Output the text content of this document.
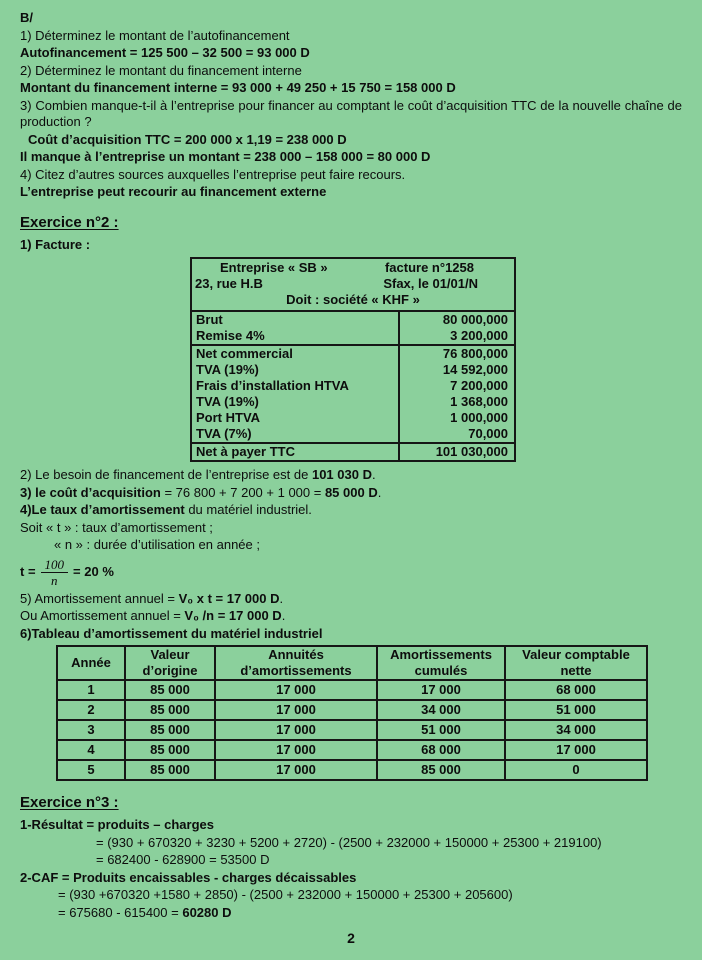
B/
1) Déterminez le montant de l’autofinancement
Autofinancement = 125 500 – 32 500 = 93 000 D
2) Déterminez le montant du financement interne
Montant du financement interne = 93 000 + 49 250 + 15 750 = 158 000 D
3) Combien manque-t-il à l’entreprise pour financer au comptant le coût d’acquisition TTC de la nouvelle chaîne de production ?
Coût d’acquisition TTC = 200 000 x 1,19 = 238 000 D
Il manque à l’entreprise un montant = 238 000 – 158 000 = 80 000 D
4) Citez d’autres sources auxquelles l’entreprise peut faire recours.
L’entreprise peut recourir au financement externe
Exercice n°2 :
1) Facture :
Entreprise « SB »	facture n°1258
23, rue H.B	Sfax, le 01/01/N
Doit : société « KHF »
Brut	80 000,000
Remise 4%	3 200,000
Net commercial	76 800,000
TVA (19%)	14 592,000
Frais d’installation HTVA	7 200,000
TVA (19%)	1 368,000
Port HTVA	1 000,000
TVA (7%)	70,000
Net à payer TTC	101 030,000
2) Le besoin de financement de l’entreprise est de 101 030 D.
3) le coût d’acquisition = 76 800 + 7 200 + 1 000 = 85 000 D.
4)Le taux d’amortissement du matériel industriel.
Soit « t » : taux d’amortissement ;
« n » : durée d’utilisation en année ;
$t = \frac{100}{n} = 20$ %
5) Amortissement annuel = V₀ x t = 17 000 D.
Ou Amortissement annuel = V₀ /n = 17 000 D.
6)Tableau d’amortissement du matériel industriel
Année	Valeur d’origine	Annuités d’amortissements	Amortissements cumulés	Valeur comptable nette
1	85 000	17 000	17 000	68 000
2	85 000	17 000	34 000	51 000
3	85 000	17 000	51 000	34 000
4	85 000	17 000	68 000	17 000
5	85 000	17 000	85 000	0
Exercice n°3 :
1-Résultat = produits – charges
= (930 + 670320 + 3230 + 5200 + 2720) - (2500 + 232000 + 150000 + 25300 + 219100)
= 682400 - 628900 = 53500 D
2-CAF = Produits encaissables - charges décaissables
= (930 +670320 +1580 + 2850) - (2500 + 232000 + 150000 + 25300 + 205600)
= 675680 - 615400 = 60280 D
2
